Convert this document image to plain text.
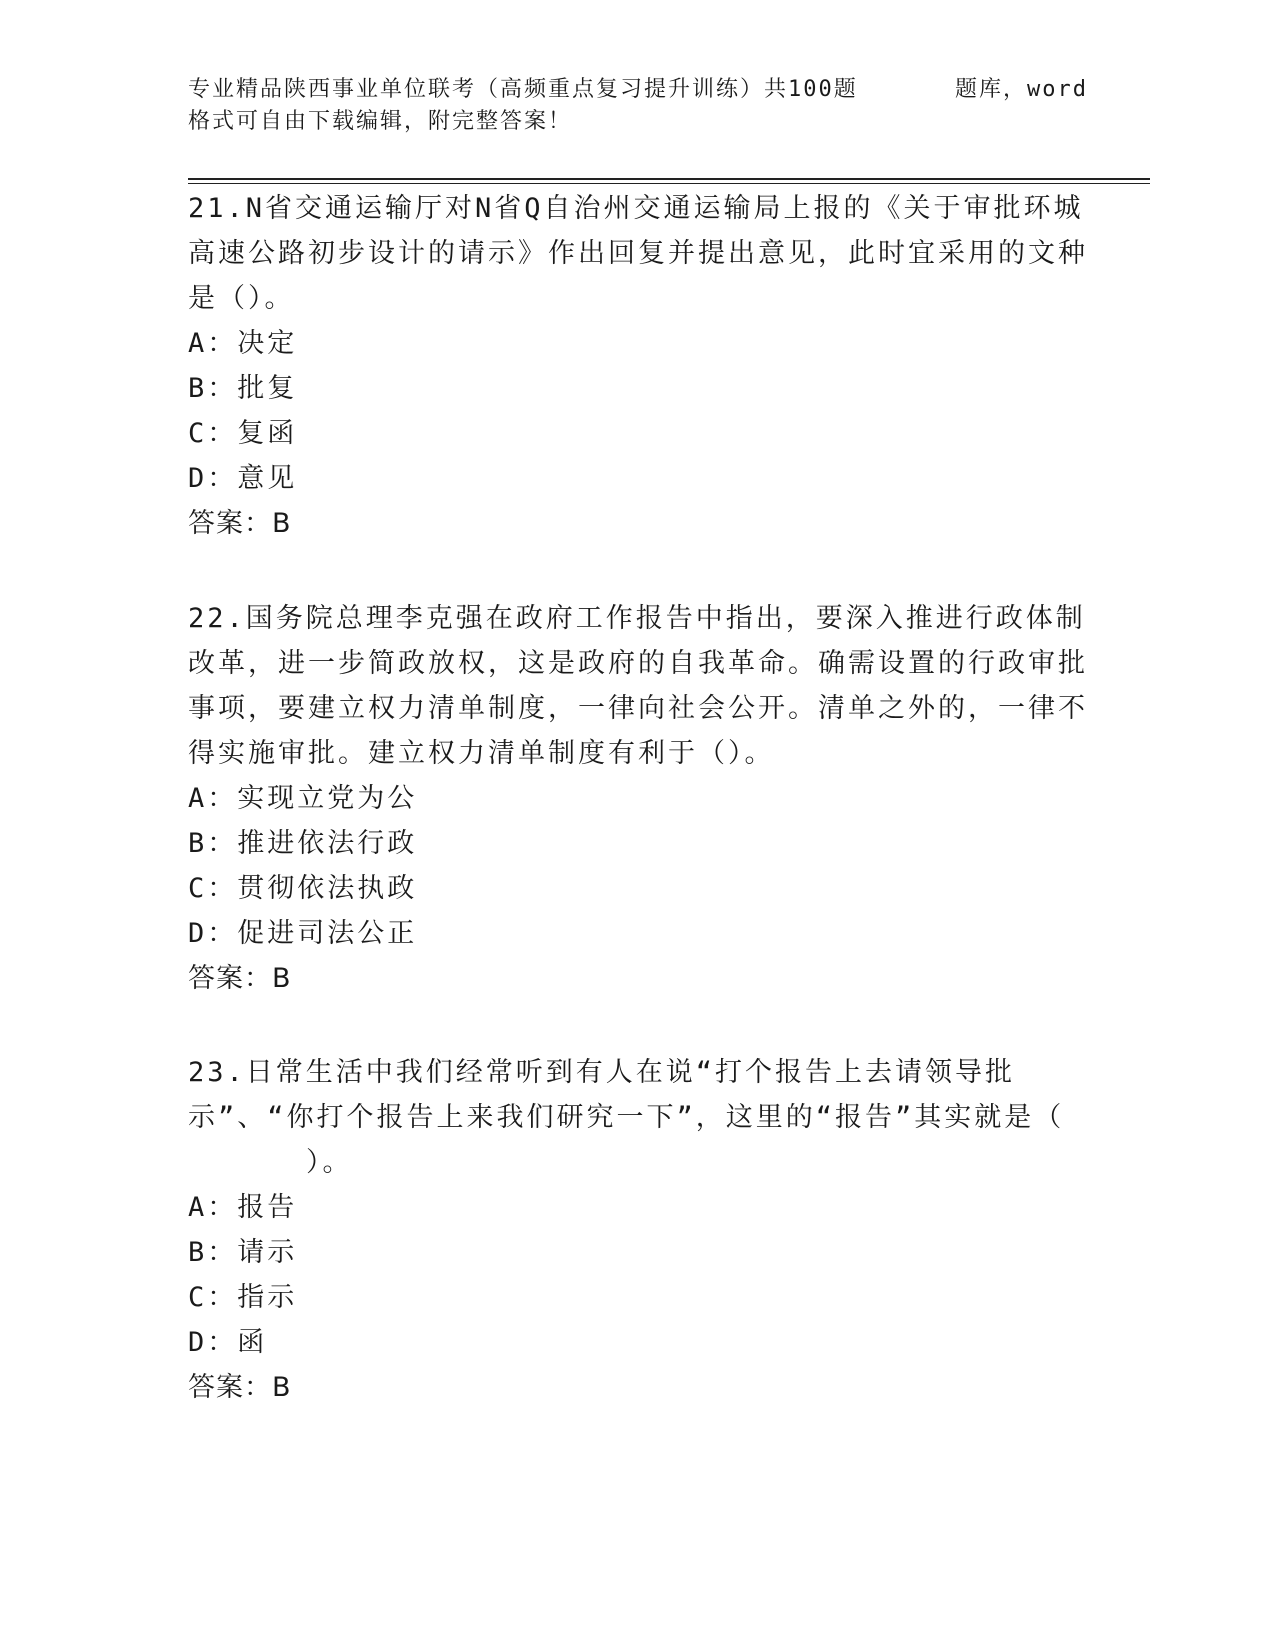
专业精品陕西事业单位联考（高频重点复习提升训练）共100题	题库，word
格式可自由下载编辑，附完整答案！

21.N省交通运输厅对N省Q自治州交通运输局上报的《关于审批环城高速公路初步设计的请示》作出回复并提出意见，此时宜采用的文种是（）。

A：决定

B：批复

C：复函

D：意见

答案：B

22.国务院总理李克强在政府工作报告中指出，要深入推进行政体制改革，进一步简政放权，这是政府的自我革命。确需设置的行政审批事项，要建立权力清单制度，一律向社会公开。清单之外的，一律不得实施审批。建立权力清单制度有利于（）。

A：实现立党为公

B：推进依法行政

C：贯彻依法执政

D：促进司法公正

答案：B

23.日常生活中我们经常听到有人在说“打个报告上去请领导批示”、“你打个报告上来我们研究一下”，这里的“报告”其实就是（

）。

A：报告

B：请示

C：指示

D：函

答案：B
